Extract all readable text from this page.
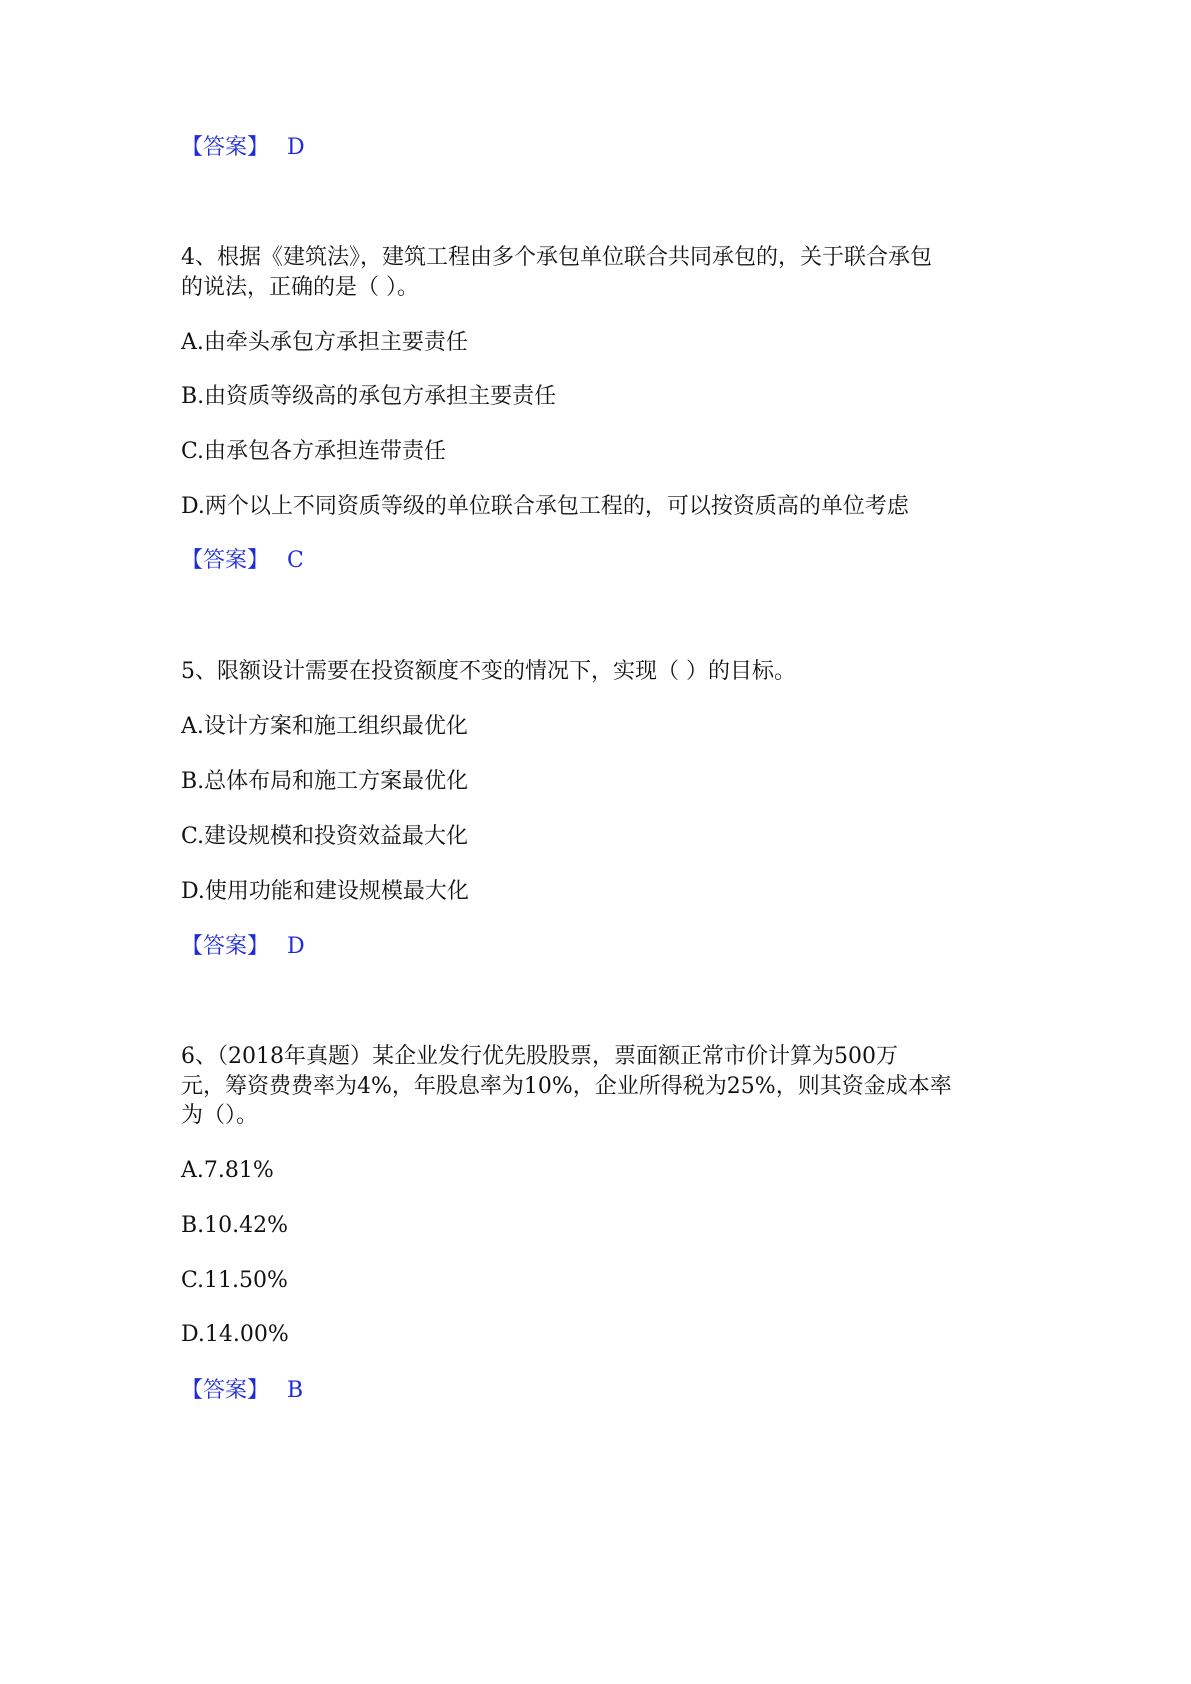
【答案】 D
4、根据《建筑法》，建筑工程由多个承包单位联合共同承包的，关于联合承包
的说法，正确的是（ ）。
A.由牵头承包方承担主要责任
B.由资质等级高的承包方承担主要责任
C.由承包各方承担连带责任
D.两个以上不同资质等级的单位联合承包工程的，可以按资质高的单位考虑
【答案】 C
5、限额设计需要在投资额度不变的情况下，实现（ ）的目标。
A.设计方案和施工组织最优化
B.总体布局和施工方案最优化
C.建设规模和投资效益最大化
D.使用功能和建设规模最大化
【答案】 D
6、（2018年真题）某企业发行优先股股票，票面额正常市价计算为500万
元，筹资费费率为4%，年股息率为10%，企业所得税为25%，则其资金成本率
为（）。
A.7.81%
B.10.42%
C.11.50%
D.14.00%
【答案】 B
